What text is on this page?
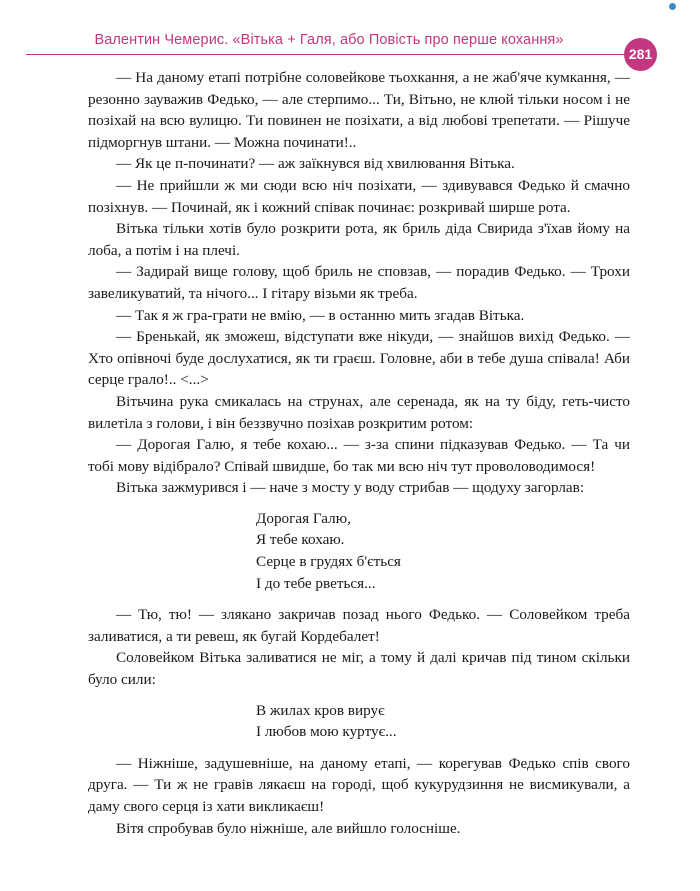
Валентин Чемерис. «Вітька + Галя, або Повість про перше кохання»
281

— На даному етапі потрібне соловейкове тьохкання, а не жаб'яче кумкання, — резонно зауважив Федько, — але стерпимо... Ти, Вітьно, не клюй тільки носом і не позіхай на всю вулицю. Ти повинен не позіхати, а від любові трепетати. — Рішуче підморгнув штани. — Можна починати!..

— Як це п-починати? — аж заїкнувся від хвилювання Вітька.

— Не прийшли ж ми сюди всю ніч позіхати, — здивувався Федько й смачно позіхнув. — Починай, як і кожний співак починає: розкривай ширше рота.

Вітька тільки хотів було розкрити рота, як бриль діда Свирида з'їхав йому на лоба, а потім і на плечі.

— Задирай вище голову, щоб бриль не сповзав, — порадив Федько. — Трохи завеликуватий, та нічого... І гітару візьми як треба.

— Так я ж гра-грати не вмію, — в останню мить згадав Вітька.

— Бренькай, як зможеш, відступати вже нікуди, — знайшов вихід Федько. — Хто опівночі буде дослухатися, як ти граєш. Головне, аби в тебе душа співала! Аби серце грало!.. <...>

Вітьчина рука смикалась на струнах, але серенада, як на ту біду, геть-чисто вилетіла з голови, і він беззвучно позіхав розкритим ротом:

— Дорогая Галю, я тебе кохаю... — з-за спини підказував Федько. — Та чи тобі мову відібрало? Співай швидше, бо так ми всю ніч тут проволоводимося!

Вітька зажмурився і — наче з мосту у воду стрибав — щодуху загорлав:

Дорогая Галю,
Я тебе кохаю.
Серце в грудях б'ється
І до тебе рветься...

— Тю, тю! — злякано закричав позад нього Федько. — Соловейком треба заливатися, а ти ревеш, як бугай Кордебалет!

Соловейком Вітька заливатися не міг, а тому й далі кричав під тином скільки було сили:

В жилах кров вирує
І любов мою куртує...

— Ніжніше, задушевніше, на даному етапі, — корегував Федько спів свого друга. — Ти ж не гравів лякаєш на городі, щоб кукурудзиння не висмикували, а даму свого серця із хати викликаєш!

Вітя спробував було ніжніше, але вийшло голосніше.
